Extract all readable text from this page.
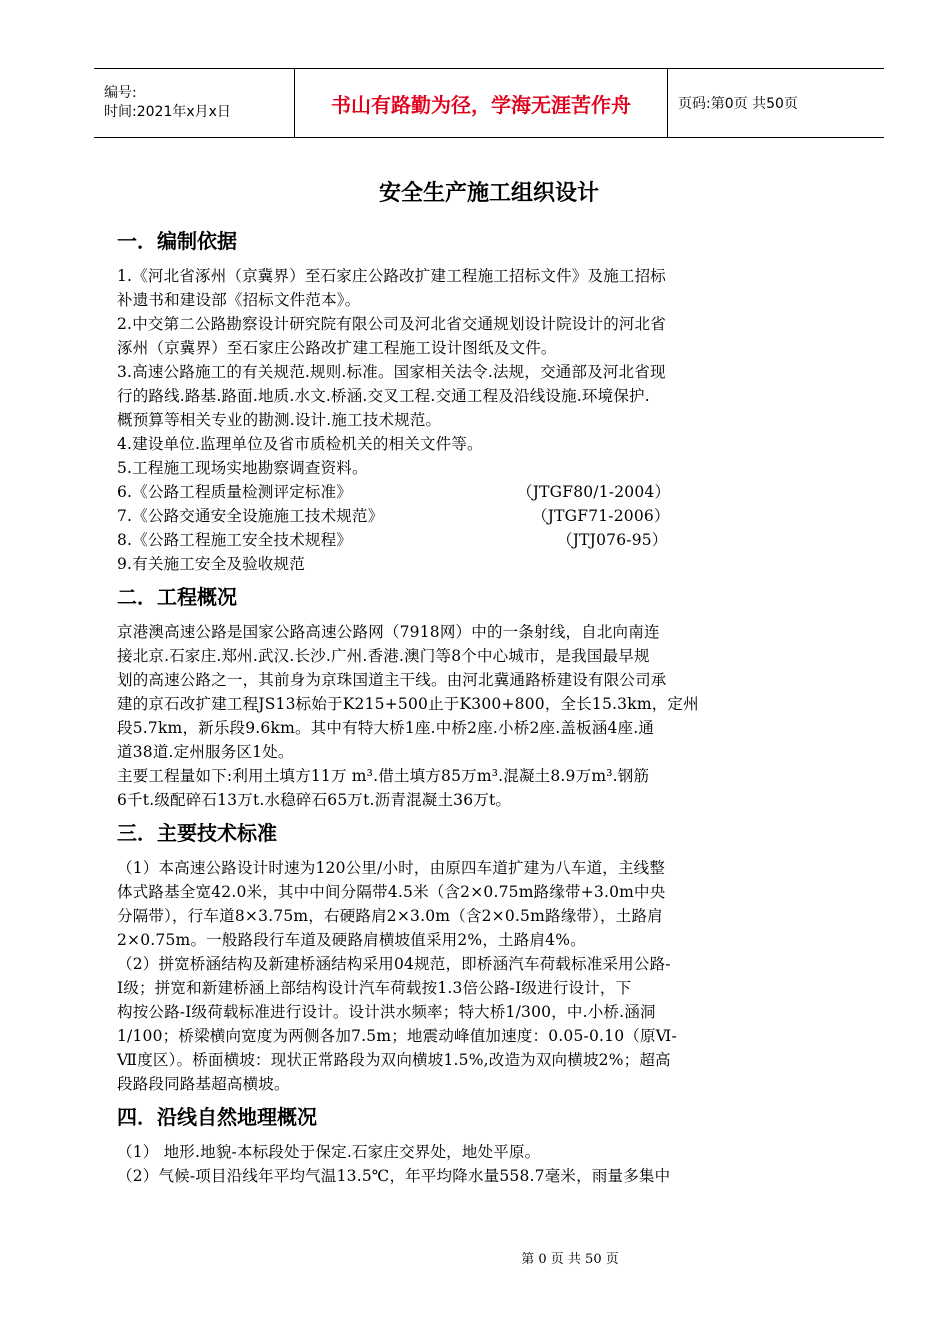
编号:
时间:2021年x月x日	书山有路勤为径，学海无涯苦作舟	页码:第0页 共50页
安全生产施工组织设计
一．编制依据

1.《河北省涿州（京冀界）至石家庄公路改扩建工程施工招标文件》及施工招标

补遗书和建设部《招标文件范本》。

2.中交第二公路勘察设计研究院有限公司及河北省交通规划设计院设计的河北省

涿州（京冀界）至石家庄公路改扩建工程施工设计图纸及文件。

3.高速公路施工的有关规范.规则.标准。国家相关法令.法规，交通部及河北省现

行的路线.路基.路面.地质.水文.桥涵.交叉工程.交通工程及沿线设施.环境保护.

概预算等相关专业的勘测.设计.施工技术规范。

4.建设单位.监理单位及省市质检机关的相关文件等。

5.工程施工现场实地勘察调查资料。

6.《公路工程质量检测评定标准》	（JTGF80/1-2004）
7.《公路交通安全设施施工技术规范》	（JTGF71-2006）
8.《公路工程施工安全技术规程》	（JTJ076-95）

9.有关施工安全及验收规范

二．工程概况

京港澳高速公路是国家公路高速公路网（7918网）中的一条射线，自北向南连

接北京.石家庄.郑州.武汉.长沙.广州.香港.澳门等8个中心城市，是我国最早规

划的高速公路之一，其前身为京珠国道主干线。由河北冀通路桥建设有限公司承

建的京石改扩建工程JS13标始于K215+500止于K300+800，全长15.3km，定州

段5.7km，新乐段9.6km。其中有特大桥1座.中桥2座.小桥2座.盖板涵4座.通

道38道.定州服务区1处。

主要工程量如下:利用土填方11万 m³.借土填方85万m³.混凝土8.9万m³.钢筋

6千t.级配碎石13万t.水稳碎石65万t.沥青混凝土36万t。

三．主要技术标准

（1）本高速公路设计时速为120公里/小时，由原四车道扩建为八车道，主线整

体式路基全宽42.0米，其中中间分隔带4.5米（含2×0.75m路缘带+3.0m中央

分隔带），行车道8×3.75m，右硬路肩2×3.0m（含2×0.5m路缘带），土路肩

2×0.75m。一般路段行车道及硬路肩横坡值采用2%，土路肩4%。

（2）拼宽桥涵结构及新建桥涵结构采用04规范，即桥涵汽车荷载标准采用公路-

Ⅰ级；拼宽和新建桥涵上部结构设计汽车荷载按1.3倍公路-Ⅰ级进行设计，下

构按公路-Ⅰ级荷载标准进行设计。设计洪水频率；特大桥1/300，中.小桥.涵洞

1/100；桥梁横向宽度为两侧各加7.5m；地震动峰值加速度：0.05-0.10（原Ⅵ-

Ⅶ度区）。桥面横坡：现状正常路段为双向横坡1.5%,改造为双向横坡2%；超高

段路段同路基超高横坡。

四．沿线自然地理概况

（1） 地形.地貌-本标段处于保定.石家庄交界处，地处平原。

（2）气候-项目沿线年平均气温13.5℃，年平均降水量558.7毫米，雨量多集中

第 0 页 共 50 页
